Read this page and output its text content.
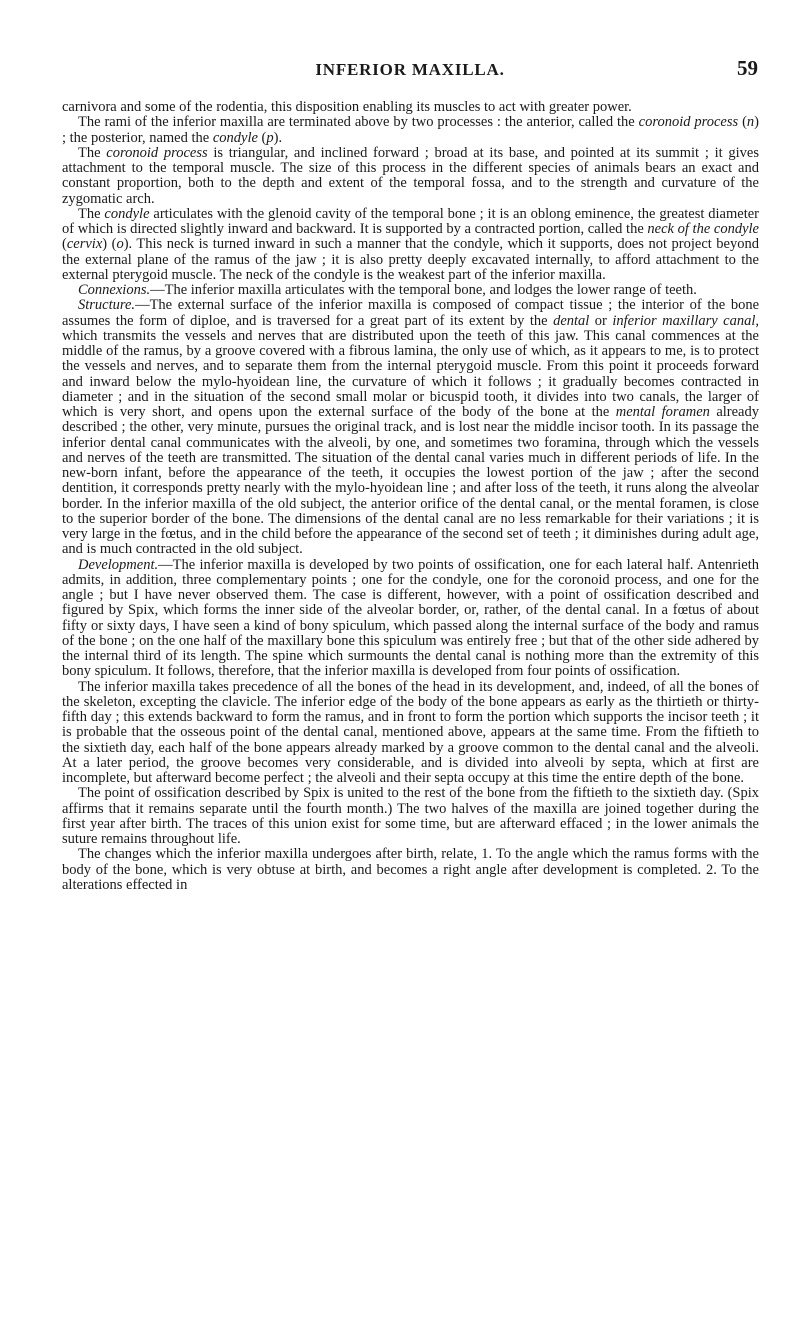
INFERIOR MAXILLA.	59

carnivora and some of the rodentia, this disposition enabling its muscles to act with greater power.

The rami of the inferior maxilla are terminated above by two processes : the anterior, called the coronoid process (n) ; the posterior, named the condyle (p).

The coronoid process is triangular, and inclined forward ; broad at its base, and pointed at its summit ; it gives attachment to the temporal muscle. The size of this process in the different species of animals bears an exact and constant proportion, both to the depth and extent of the temporal fossa, and to the strength and curvature of the zygomatic arch.

The condyle articulates with the glenoid cavity of the temporal bone ; it is an oblong eminence, the greatest diameter of which is directed slightly inward and backward. It is supported by a contracted portion, called the neck of the condyle (cervix) (o). This neck is turned inward in such a manner that the condyle, which it supports, does not project beyond the external plane of the ramus of the jaw ; it is also pretty deeply excavated internally, to afford attachment to the external pterygoid muscle. The neck of the condyle is the weakest part of the inferior maxilla.

Connexions.—The inferior maxilla articulates with the temporal bone, and lodges the lower range of teeth.

Structure.—The external surface of the inferior maxilla is composed of compact tissue ; the interior of the bone assumes the form of diploe, and is traversed for a great part of its extent by the dental or inferior maxillary canal, which transmits the vessels and nerves that are distributed upon the teeth of this jaw. This canal commences at the middle of the ramus, by a groove covered with a fibrous lamina, the only use of which, as it appears to me, is to protect the vessels and nerves, and to separate them from the internal pterygoid muscle. From this point it proceeds forward and inward below the mylo-hyoidean line, the curvature of which it follows ; it gradually becomes contracted in diameter ; and in the situation of the second small molar or bicuspid tooth, it divides into two canals, the larger of which is very short, and opens upon the external surface of the body of the bone at the mental foramen already described ; the other, very minute, pursues the original track, and is lost near the middle incisor tooth. In its passage the inferior dental canal communicates with the alveoli, by one, and sometimes two foramina, through which the vessels and nerves of the teeth are transmitted. The situation of the dental canal varies much in different periods of life. In the new-born infant, before the appearance of the teeth, it occupies the lowest portion of the jaw ; after the second dentition, it corresponds pretty nearly with the mylo-hyoidean line ; and after loss of the teeth, it runs along the alveolar border. In the inferior maxilla of the old subject, the anterior orifice of the dental canal, or the mental foramen, is close to the superior border of the bone. The dimensions of the dental canal are no less remarkable for their variations ; it is very large in the fœtus, and in the child before the appearance of the second set of teeth ; it diminishes during adult age, and is much contracted in the old subject.

Development.—The inferior maxilla is developed by two points of ossification, one for each lateral half. Antenrieth admits, in addition, three complementary points ; one for the condyle, one for the coronoid process, and one for the angle ; but I have never observed them. The case is different, however, with a point of ossification described and figured by Spix, which forms the inner side of the alveolar border, or, rather, of the dental canal. In a fœtus of about fifty or sixty days, I have seen a kind of bony spiculum, which passed along the internal surface of the body and ramus of the bone ; on the one half of the maxillary bone this spiculum was entirely free ; but that of the other side adhered by the internal third of its length. The spine which surmounts the dental canal is nothing more than the extremity of this bony spiculum. It follows, therefore, that the inferior maxilla is developed from four points of ossification.

The inferior maxilla takes precedence of all the bones of the head in its development, and, indeed, of all the bones of the skeleton, excepting the clavicle. The inferior edge of the body of the bone appears as early as the thirtieth or thirty-fifth day ; this extends backward to form the ramus, and in front to form the portion which supports the incisor teeth ; it is probable that the osseous point of the dental canal, mentioned above, appears at the same time. From the fiftieth to the sixtieth day, each half of the bone appears already marked by a groove common to the dental canal and the alveoli. At a later period, the groove becomes very considerable, and is divided into alveoli by septa, which at first are incomplete, but afterward become perfect ; the alveoli and their septa occupy at this time the entire depth of the bone.

The point of ossification described by Spix is united to the rest of the bone from the fiftieth to the sixtieth day. (Spix affirms that it remains separate until the fourth month.) The two halves of the maxilla are joined together during the first year after birth. The traces of this union exist for some time, but are afterward effaced ; in the lower animals the suture remains throughout life.

The changes which the inferior maxilla undergoes after birth, relate, 1. To the angle which the ramus forms with the body of the bone, which is very obtuse at birth, and becomes a right angle after development is completed. 2. To the alterations effected in
